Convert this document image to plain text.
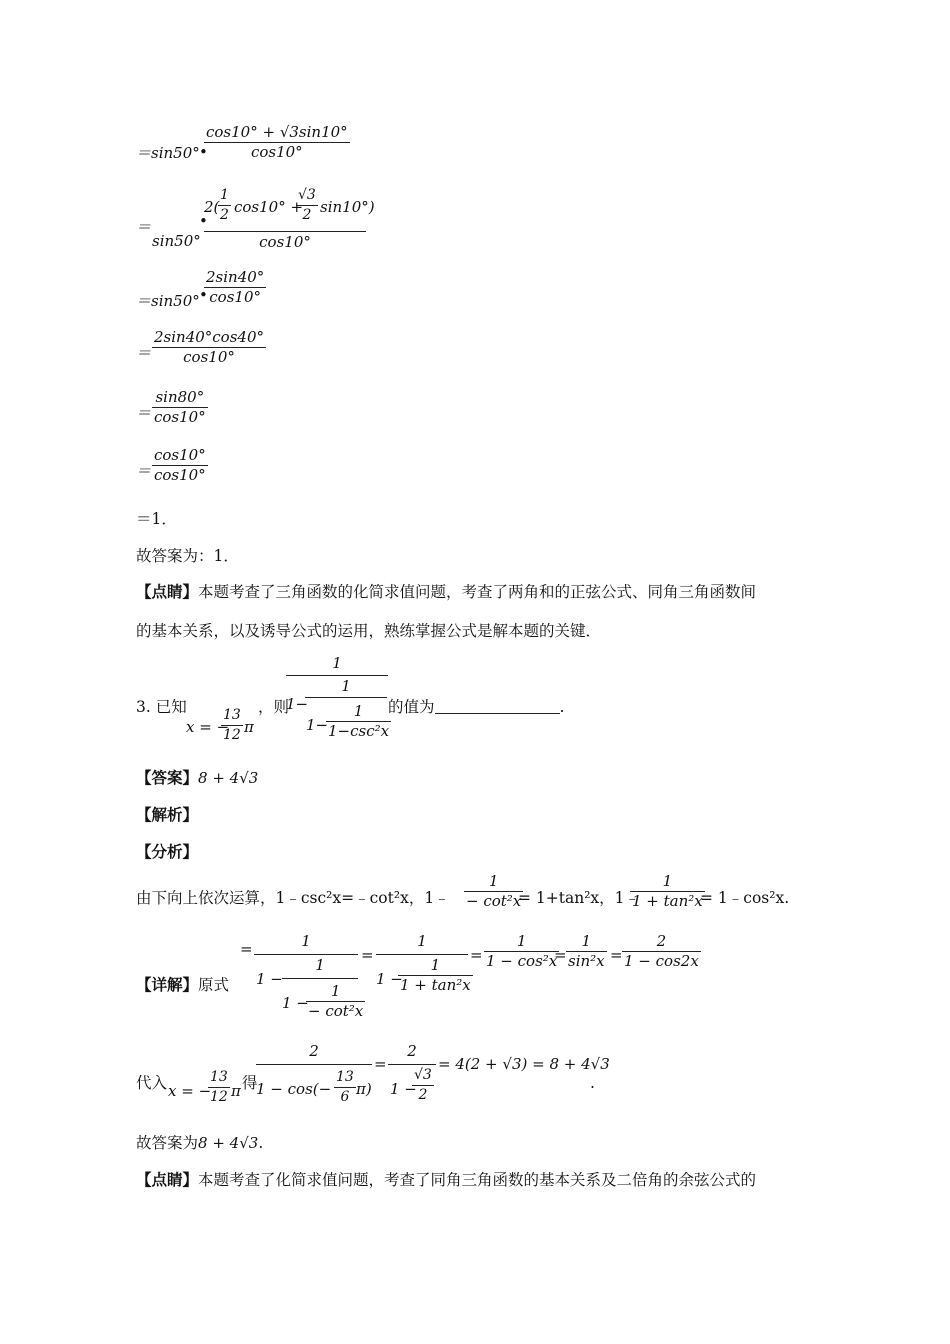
＝sin50° •
cos10° + √3sin10°
cos10°
＝
sin50°
•
2(
1
2 cos10° +
√3
2 sin10°)
cos10°
＝sin50° •
2sin40°
cos10°
＝
2sin40°cos40°
cos10°
＝
sin80°
cos10°
＝
cos10°
cos10°
＝1．
故答案为：1．
【点睛】本题考查了三角函数的化简求值问题，考查了两角和的正弦公式、同角三角函数间
的基本关系，以及诱导公式的运用，熟练掌握公式是解本题的关键．
3. 已知
x = −
13
12 π
，则
1
1−
1
1−
1
1−csc²x
的值为	.
【答案】8 + 4√3
【解析】
【分析】
由下向上依次运算，1﹣csc²x=﹣cot²x，1﹣
1
− cot²x
= 1+tan²x，1﹣
1
1 + tan²x
= 1﹣cos²x.
【详解】原式
=	1
1 −
1
1 −
1
− cot²x
=
1
1 −
1
1 + tan²x
=
1
1 − cos²x
=
1
sin²x =
2
1 − cos2x
代入 x = −
13
12 π 得
2
1 − cos(−
13
6 π)
=
2
1 −
√3
2
= 4(2 + √3) = 8 + 4√3
.
故答案为8 + 4√3.
【点睛】本题考查了化简求值问题，考查了同角三角函数的基本关系及二倍角的余弦公式的
